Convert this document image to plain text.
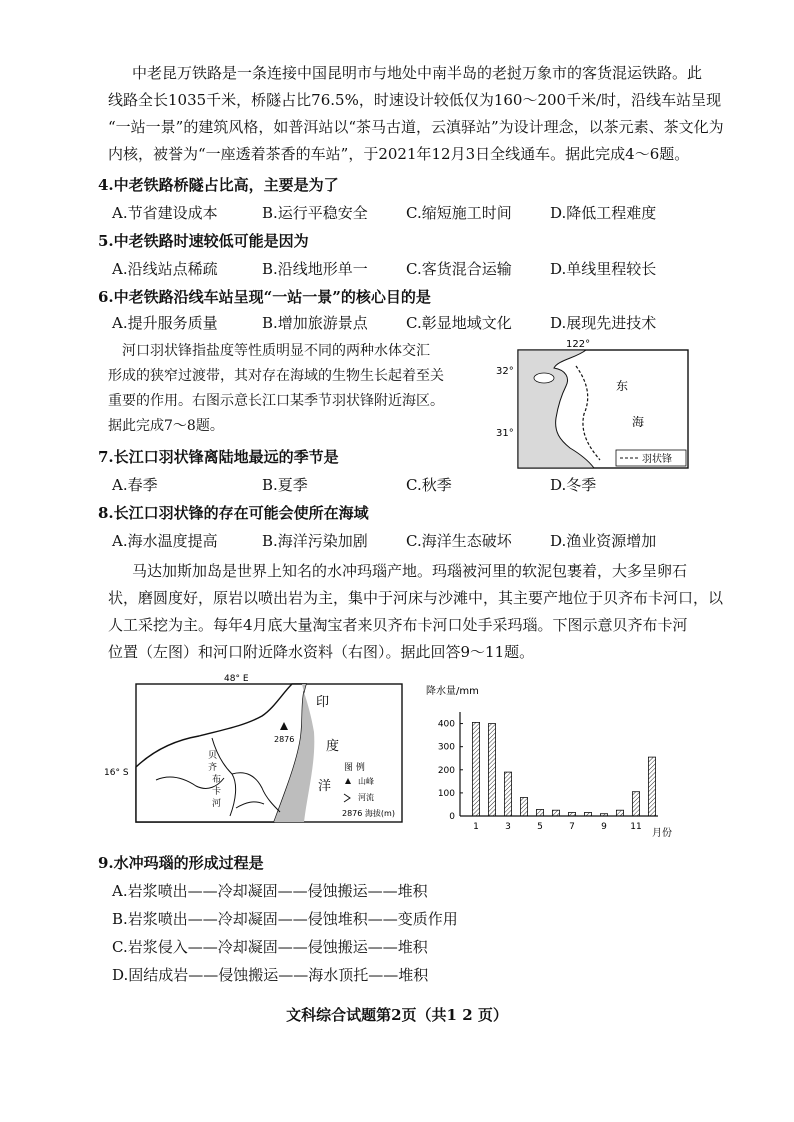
中老昆万铁路是一条连接中国昆明市与地处中南半岛的老挝万象市的客货混运铁路。此
线路全长1035千米，桥隧占比76.5%，时速设计较低仅为160～200千米/时，沿线车站呈现
“一站一景”的建筑风格，如普洱站以“茶马古道，云滇驿站”为设计理念，以茶元素、茶文化为
内核，被誉为“一座透着茶香的车站”，于2021年12月3日全线通车。据此完成4～6题。
4.中老铁路桥隧占比高，主要是为了
A.节省建设成本	B.运行平稳安全	C.缩短施工时间	D.降低工程难度
5.中老铁路时速较低可能是因为
A.沿线站点稀疏	B.沿线地形单一	C.客货混合运输	D.单线里程较长
6.中老铁路沿线车站呈现“一站一景”的核心目的是
A.提升服务质量	B.增加旅游景点	C.彰显地域文化	D.展现先进技术
河口羽状锋指盐度等性质明显不同的两种水体交汇
形成的狭窄过渡带，其对存在海域的生物生长起着至关
重要的作用。右图示意长江口某季节羽状锋附近海区。
据此完成7～8题。
122°
32°
31°
东
海
羽状锋
7.长江口羽状锋离陆地最远的季节是
A.春季	B.夏季	C.秋季	D.冬季
8.长江口羽状锋的存在可能会使所在海域
A.海水温度提高	B.海洋污染加剧	C.海洋生态破坏	D.渔业资源增加
马达加斯加岛是世界上知名的水冲玛瑙产地。玛瑙被河里的软泥包裹着，大多呈卵石
状，磨圆度好，原岩以喷出岩为主，集中于河床与沙滩中，其主要产地位于贝齐布卡河口，以
人工采挖为主。每年4月底大量淘宝者来贝齐布卡河口处手采玛瑙。下图示意贝齐布卡河
位置（左图）和河口附近降水资料（右图）。据此回答9～11题。
48° E
16° S
贝
齐
布
卡
河
2876
印
度
洋
图 例
山峰
河流
2876 海拔(m)	0
100
200
300
400
1	3	5	7	9	11
降水量/mm
月份
9.水冲玛瑙的形成过程是
A.岩浆喷出——冷却凝固——侵蚀搬运——堆积
B.岩浆喷出——冷却凝固——侵蚀堆积——变质作用
C.岩浆侵入——冷却凝固——侵蚀搬运——堆积
D.固结成岩——侵蚀搬运——海水顶托——堆积
文科综合试题第2页（共1 2 页）
